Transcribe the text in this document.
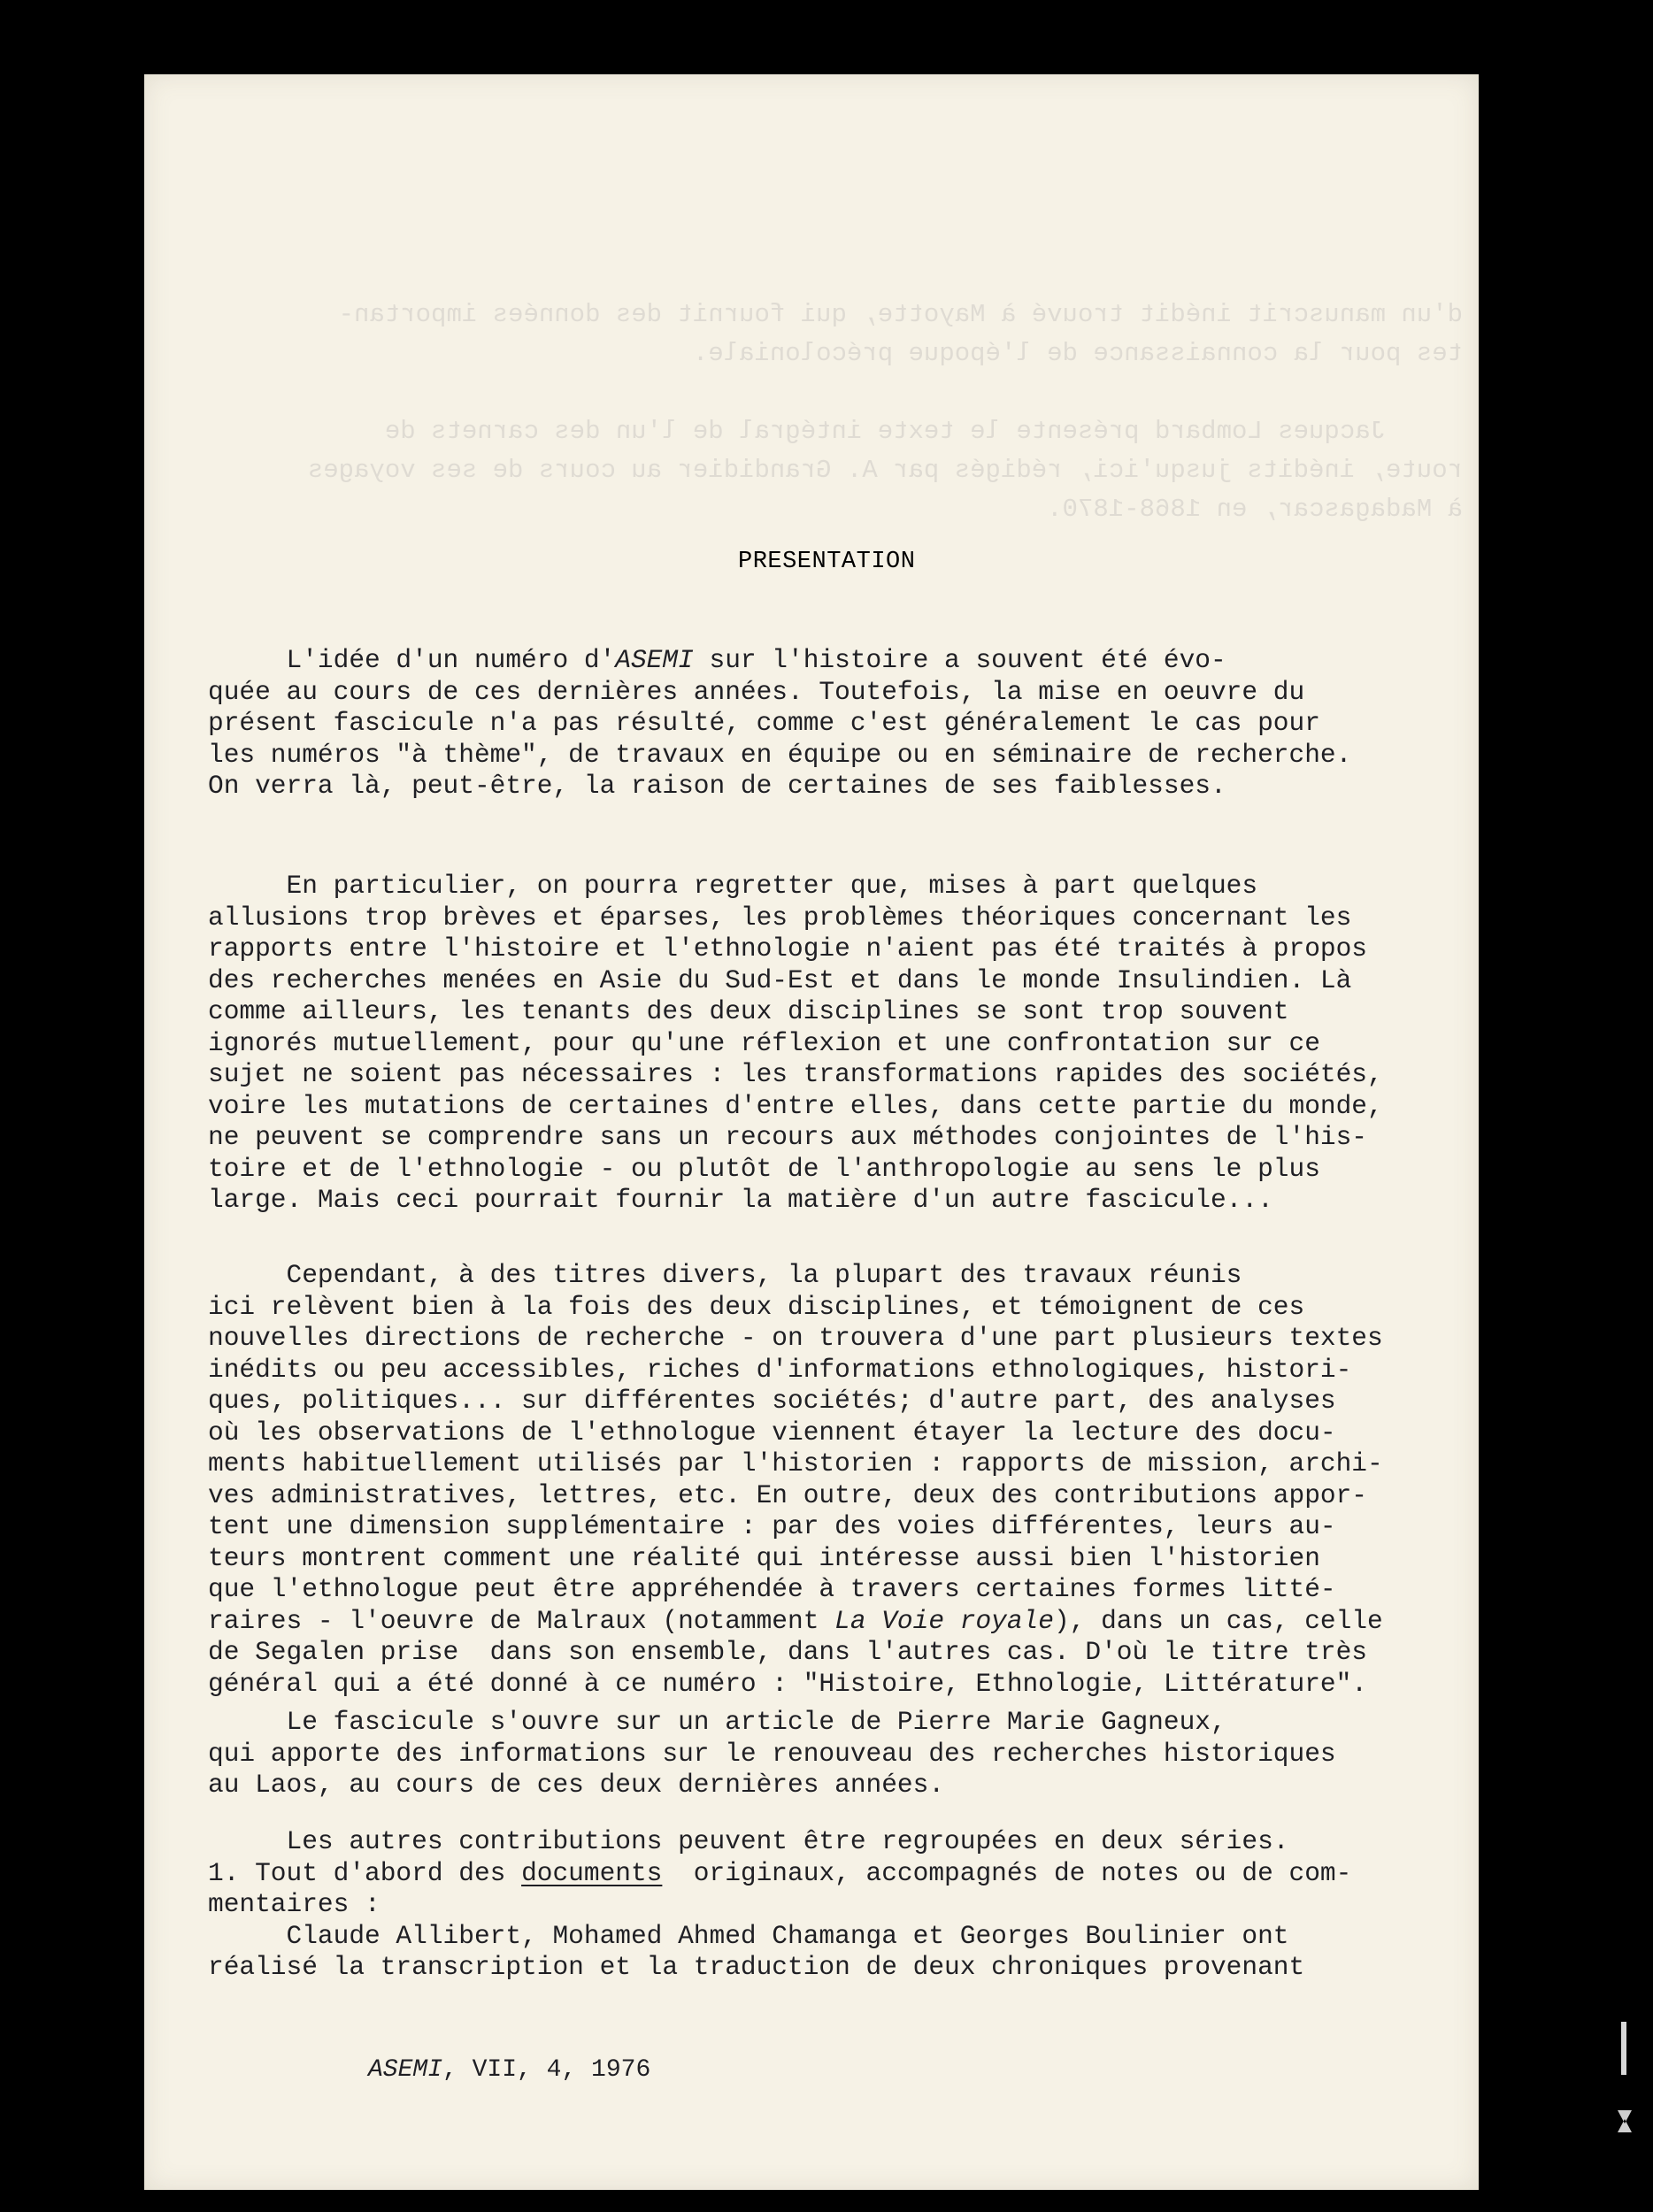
d'un manuscrit inédit trouvé à Mayotte, qui fournit des données importan-
tes pour la connaissance de l'époque précoloniale.

Jacques Lombard présente le texte intégral de l'un des carnets de
route, inédits jusqu'ici, rédigés par A. Grandidier au cours de ses voyages
à Madagascar, en 1868-1870.
PRESENTATION
ASEMI, VII, 4, 1976
L'idée d'un numéro d'ASEMI sur l'histoire a souvent été évo-
quée au cours de ces dernières années. Toutefois, la mise en oeuvre du
présent fascicule n'a pas résulté, comme c'est généralement le cas pour
les numéros "à thème", de travaux en équipe ou en séminaire de recherche.
On verra là, peut-être, la raison de certaines de ses faiblesses.
En particulier, on pourra regretter que, mises à part quelques
allusions trop brèves et éparses, les problèmes théoriques concernant les
rapports entre l'histoire et l'ethnologie n'aient pas été traités à propos
des recherches menées en Asie du Sud-Est et dans le monde Insulindien. Là
comme ailleurs, les tenants des deux disciplines se sont trop souvent
ignorés mutuellement, pour qu'une réflexion et une confrontation sur ce
sujet ne soient pas nécessaires : les transformations rapides des sociétés,
voire les mutations de certaines d'entre elles, dans cette partie du monde,
ne peuvent se comprendre sans un recours aux méthodes conjointes de l'his-
toire et de l'ethnologie - ou plutôt de l'anthropologie au sens le plus
large. Mais ceci pourrait fournir la matière d'un autre fascicule...
Cependant, à des titres divers, la plupart des travaux réunis
ici relèvent bien à la fois des deux disciplines, et témoignent de ces
nouvelles directions de recherche - on trouvera d'une part plusieurs textes
inédits ou peu accessibles, riches d'informations ethnologiques, histori-
ques, politiques... sur différentes sociétés; d'autre part, des analyses
où les observations de l'ethnologue viennent étayer la lecture des docu-
ments habituellement utilisés par l'historien : rapports de mission, archi-
ves administratives, lettres, etc. En outre, deux des contributions appor-
tent une dimension supplémentaire : par des voies différentes, leurs au-
teurs montrent comment une réalité qui intéresse aussi bien l'historien
que l'ethnologue peut être appréhendée à travers certaines formes litté-
raires - l'oeuvre de Malraux (notamment La Voie royale), dans un cas, celle
de Segalen prise  dans son ensemble, dans l'autres cas. D'où le titre très
général qui a été donné à ce numéro : "Histoire, Ethnologie, Littérature".
Le fascicule s'ouvre sur un article de Pierre Marie Gagneux,
qui apporte des informations sur le renouveau des recherches historiques
au Laos, au cours de ces deux dernières années.
Les autres contributions peuvent être regroupées en deux séries.
1. Tout d'abord des documents  originaux, accompagnés de notes ou de com-
mentaires :
Claude Allibert, Mohamed Ahmed Chamanga et Georges Boulinier ont
réalisé la transcription et la traduction de deux chroniques provenant
